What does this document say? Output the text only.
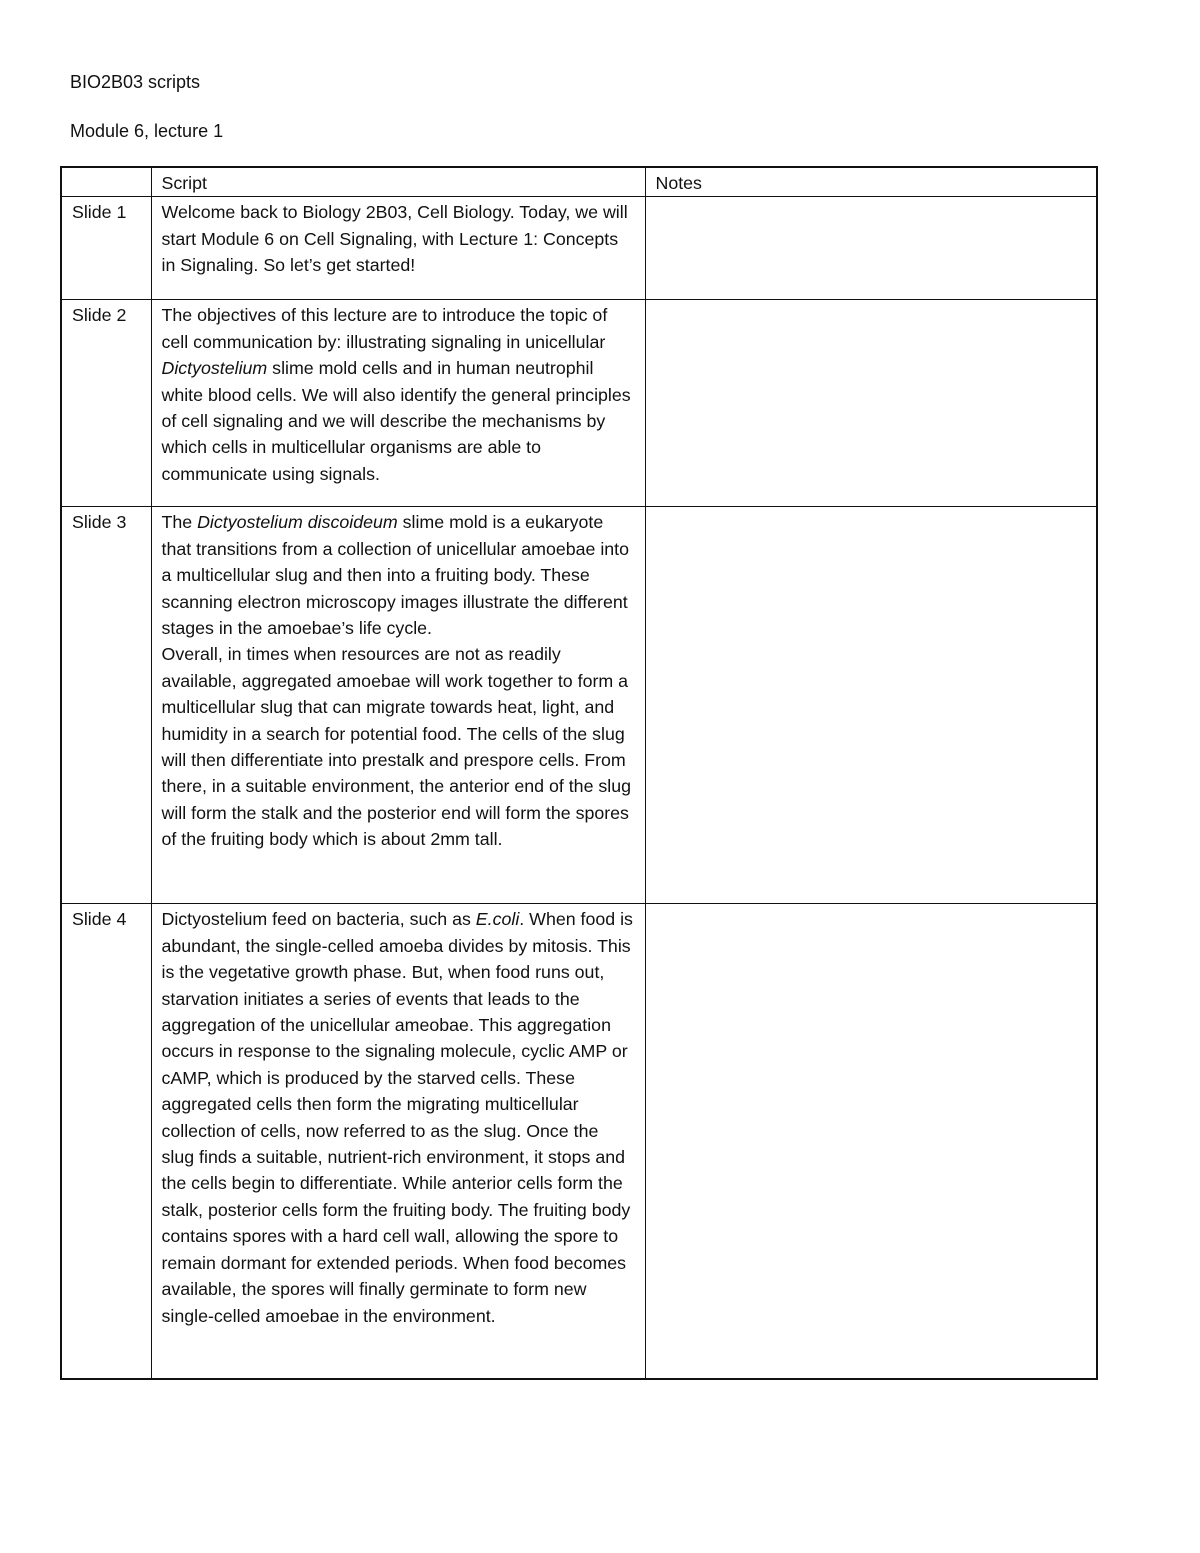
BIO2B03 scripts
Module 6, lecture 1
	Script	Notes
Slide 1	Welcome back to Biology 2B03, Cell Biology. Today, we will start Module 6 on Cell Signaling, with Lecture 1: Concepts in Signaling. So let’s get started!	
Slide 2	The objectives of this lecture are to introduce the topic of cell communication by: illustrating signaling in unicellular Dictyostelium slime mold cells and in human neutrophil white blood cells. We will also identify the general principles of cell signaling and we will describe the mechanisms by which cells in multicellular organisms are able to communicate using signals.	
Slide 3	The Dictyostelium discoideum slime mold is a eukaryote that transitions from a collection of unicellular amoebae into a multicellular slug and then into a fruiting body. These scanning electron microscopy images illustrate the different stages in the amoebae’s life cycle.
Overall, in times when resources are not as readily available, aggregated amoebae will work together to form a multicellular slug that can migrate towards heat, light, and humidity in a search for potential food. The cells of the slug will then differentiate into prestalk and prespore cells. From there, in a suitable environment, the anterior end of the slug will form the stalk and the posterior end will form the spores of the fruiting body which is about 2mm tall.	
Slide 4	Dictyostelium feed on bacteria, such as E.coli. When food is abundant, the single-celled amoeba divides by mitosis. This is the vegetative growth phase. But, when food runs out, starvation initiates a series of events that leads to the aggregation of the unicellular ameobae. This aggregation occurs in response to the signaling molecule, cyclic AMP or cAMP, which is produced by the starved cells. These aggregated cells then form the migrating multicellular collection of cells, now referred to as the slug. Once the slug finds a suitable, nutrient-rich environment, it stops and the cells begin to differentiate. While anterior cells form the stalk, posterior cells form the fruiting body. The fruiting body contains spores with a hard cell wall, allowing the spore to remain dormant for extended periods. When food becomes available, the spores will finally germinate to form new single-celled amoebae in the environment.	
